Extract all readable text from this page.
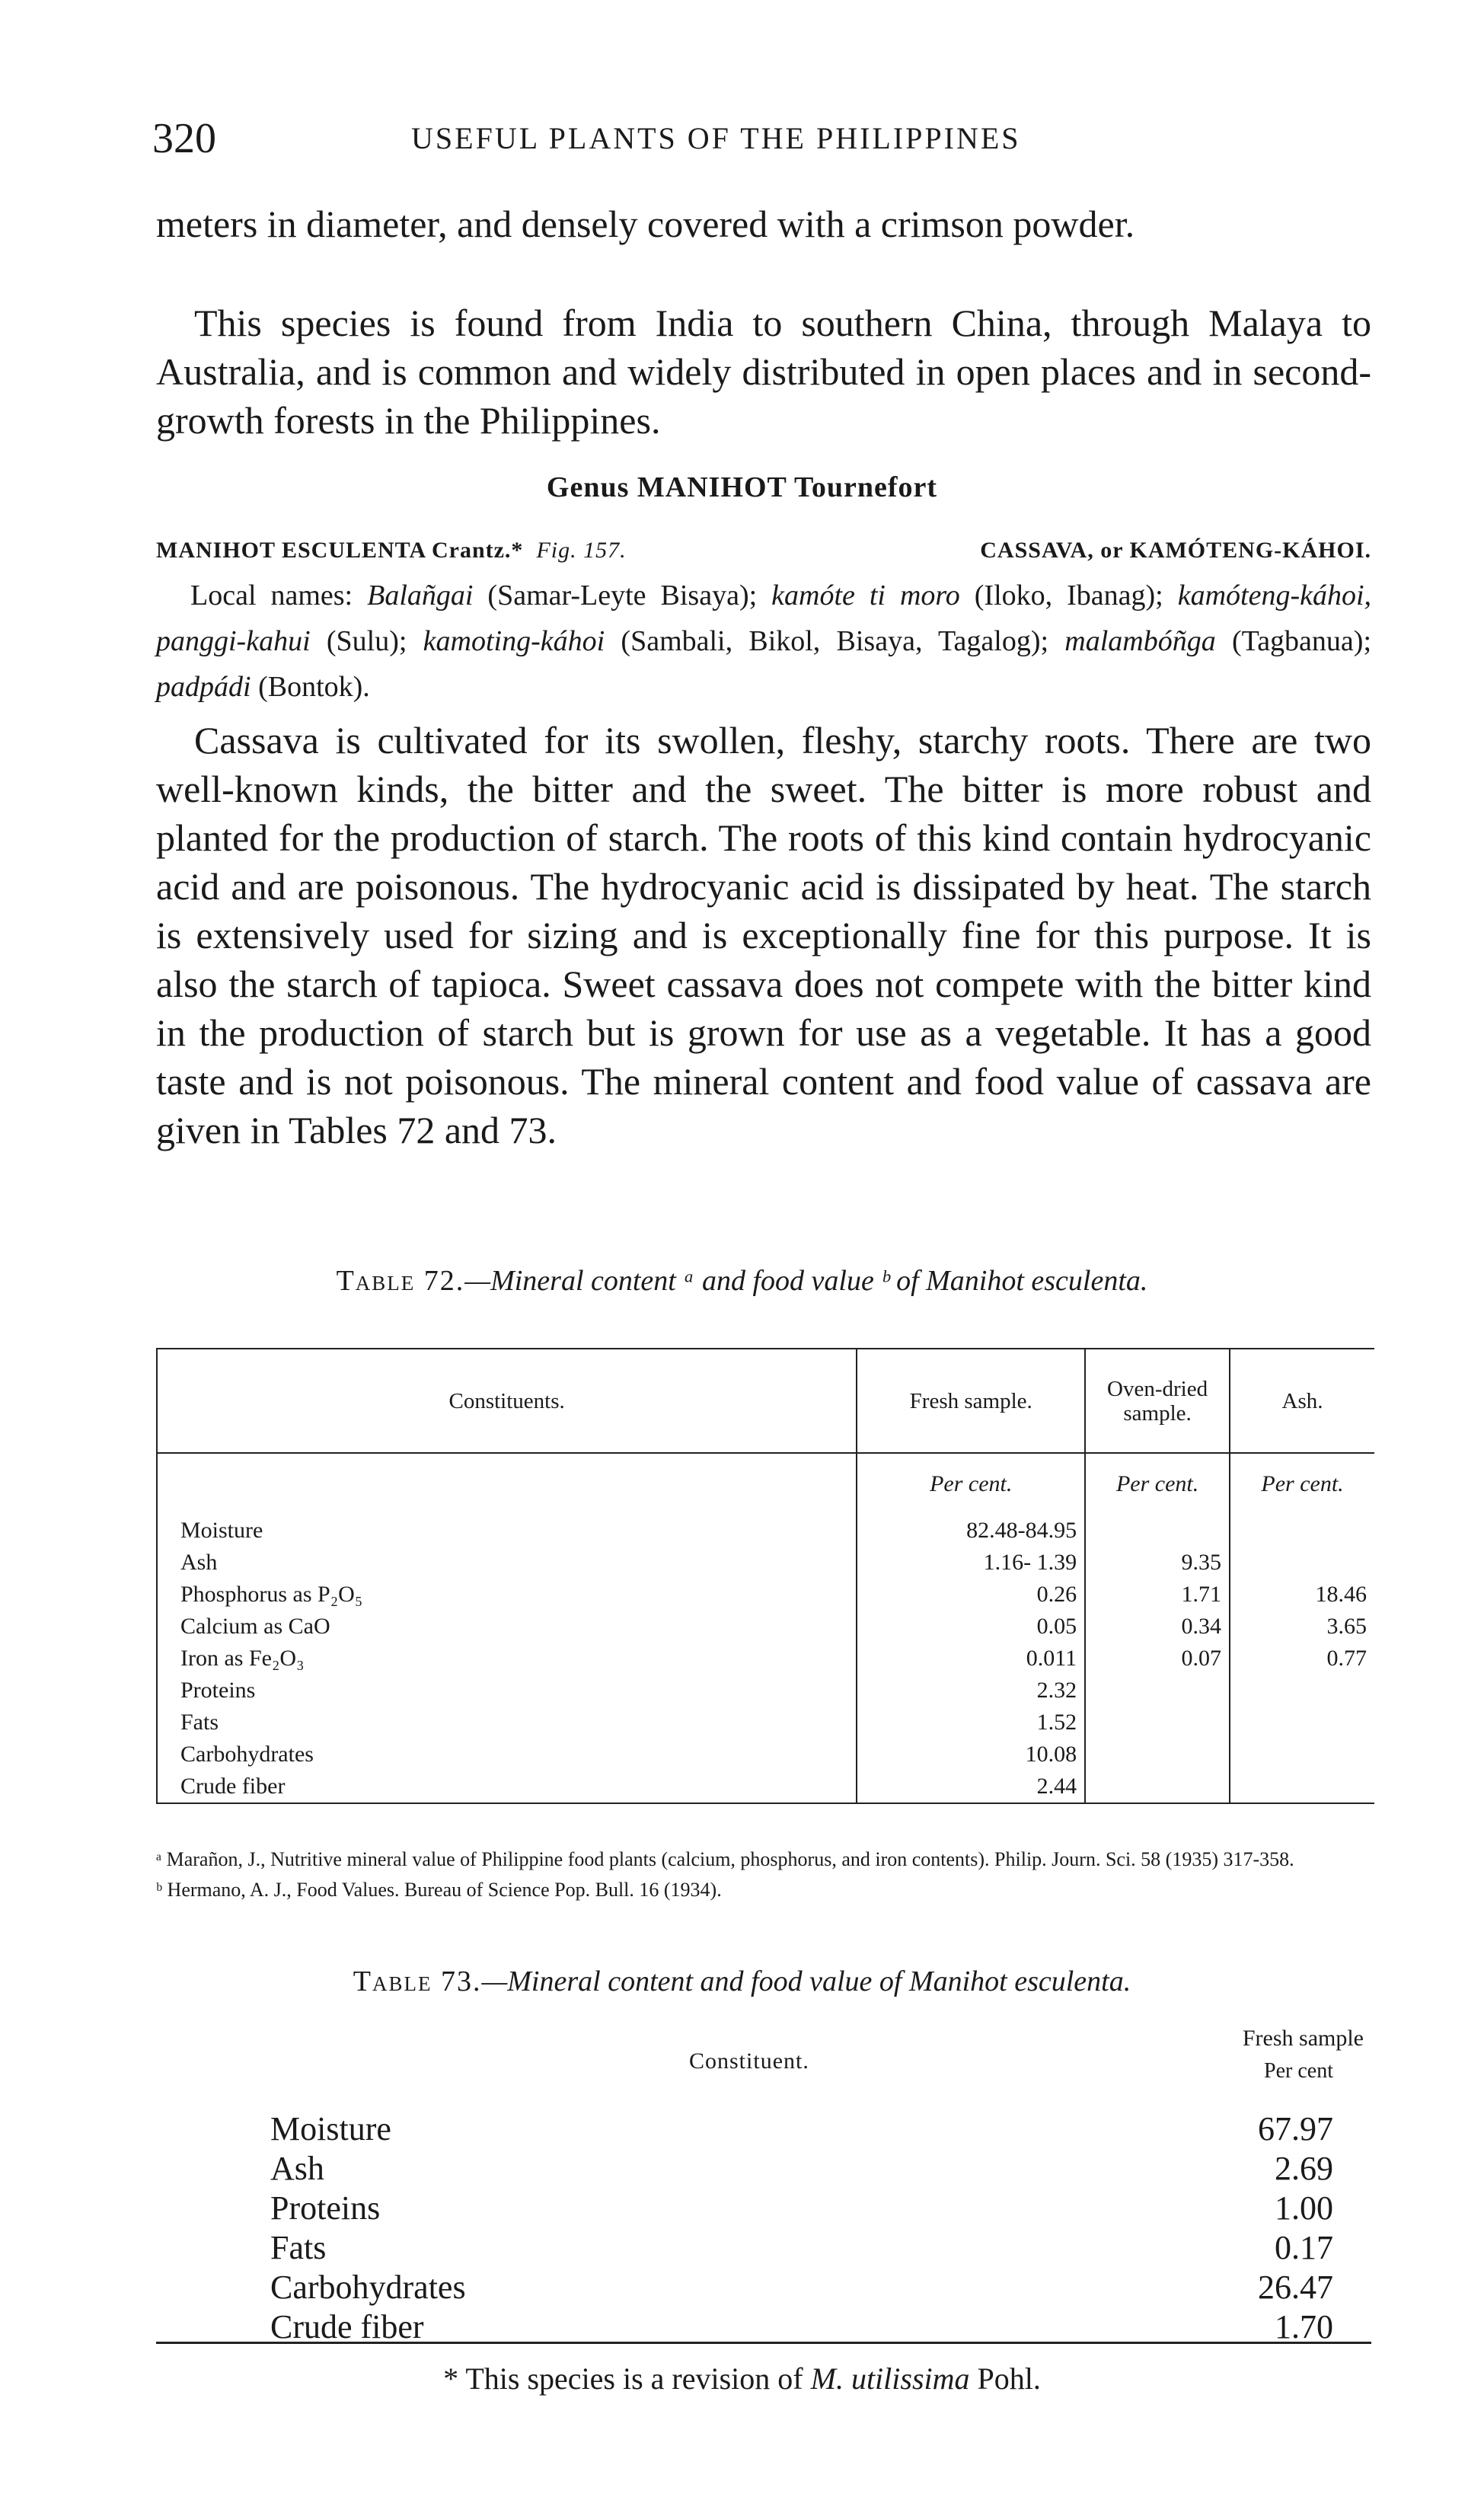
320	USEFUL PLANTS OF THE PHILIPPINES

meters in diameter, and densely covered with a crimson powder.

This species is found from India to southern China, through Malaya to Australia, and is common and widely distributed in open places and in second-growth forests in the Philippines.

Genus MANIHOT Tournefort

MANIHOT ESCULENTA Crantz.* Fig. 157.	CASSAVA, or KAMÓTENG-KÁHOI.

Local names: Balañgai (Samar-Leyte Bisaya); kamóte ti moro (Iloko, Ibanag); kamóteng-káhoi, panggi-kahui (Sulu); kamoting-káhoi (Sambali, Bikol, Bisaya, Tagalog); malambóñga (Tagbanua); padpádi (Bontok).

Cassava is cultivated for its swollen, fleshy, starchy roots. There are two well-known kinds, the bitter and the sweet. The bitter is more robust and planted for the production of starch. The roots of this kind contain hydrocyanic acid and are poisonous. The hydrocyanic acid is dissipated by heat. The starch is extensively used for sizing and is exceptionally fine for this purpose. It is also the starch of tapioca. Sweet cassava does not compete with the bitter kind in the production of starch but is grown for use as a vegetable. It has a good taste and is not poisonous. The mineral content and food value of cassava are given in Tables 72 and 73.

Table 72.—Mineral content ᵃ and food value ᵇ of Manihot esculenta.

Constituents.	Fresh sample.	Oven-dried sample.	Ash.
	Per cent.	Per cent.	Per cent.
Moisture	82.48-84.95		
Ash	1.16- 1.39	9.35	
Phosphorus as P₂O₅	0.26	1.71	18.46
Calcium as CaO	0.05	0.34	3.65
Iron as Fe₂O₃	0.011	0.07	0.77
Proteins	2.32		
Fats	1.52		
Carbohydrates	10.08		
Crude fiber	2.44		
ᵃ Marañon, J., Nutritive mineral value of Philippine food plants (calcium, phosphorus, and iron contents). Philip. Journ. Sci. 58 (1935) 317-358.
ᵇ Hermano, A. J., Food Values. Bureau of Science Pop. Bull. 16 (1934).

Table 73.—Mineral content and food value of Manihot esculenta.

Constituent.
Fresh sample
Per cent
Moisture	67.97
Ash	2.69
Proteins	1.00
Fats	0.17
Carbohydrates	26.47
Crude fiber	1.70

* This species is a revision of M. utilissima Pohl.
